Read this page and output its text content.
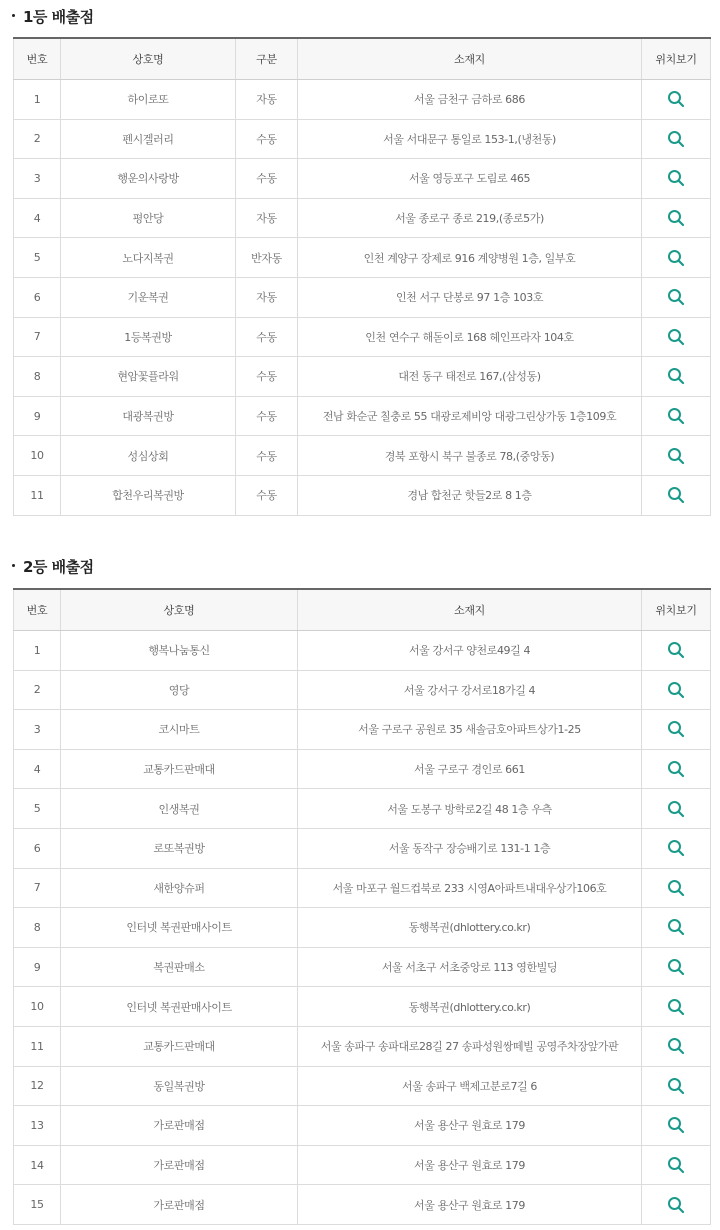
1등 배출점
번호	상호명	구분	소재지	위치보기
1	하이로또	자동	서울 금천구 금하로 686	

2	펜시겔러리	수동	서울 서대문구 통일로 153-1,(냉천동)	

3	행운의사랑방	수동	서울 영등포구 도림로 465	

4	평안당	자동	서울 종로구 종로 219,(종로5가)	

5	노다지복권	반자동	인천 계양구 장제로 916 계양병원 1층, 일부호	

6	기운복권	자동	인천 서구 단봉로 97 1층 103호	

7	1등복권방	수동	인천 연수구 해돋이로 168 헤인프라자 104호	

8	현암꽃플라워	수동	대전 동구 태전로 167,(삼성동)	

9	대광복권방	수동	전남 화순군 칠충로 55 대광로제비앙 대광그린상가동 1층109호	

10	성심상회	수동	경북 포항시 북구 불종로 78,(중앙동)	

11	합천우리복권방	수동	경남 합천군 핫들2로 8 1층	
2등 배출점
번호	상호명	소재지	위치보기
1	행복나눔통신	서울 강서구 양천로49길 4	

2	영당	서울 강서구 강서로18가길 4	

3	코시마트	서울 구로구 공원로 35 새솔금호아파트상가1-25	

4	교통카드판매대	서울 구로구 경인로 661	

5	인생복권	서울 도봉구 방학로2길 48 1층 우측	

6	로또복권방	서울 동작구 장승배기로 131-1 1층	

7	새한양슈퍼	서울 마포구 월드컵북로 233 시영A아파트내대우상가106호	

8	인터넷 복권판매사이트	동행복권(dhlottery.co.kr)	

9	복권판매소	서울 서초구 서초중앙로 113 영한빌딩	

10	인터넷 복권판매사이트	동행복권(dhlottery.co.kr)	

11	교통카드판매대	서울 송파구 송파대로28길 27 송파성원쌍떼빌 공영주차장앞가판	

12	동일복권방	서울 송파구 백제고분로7길 6	

13	가로판매점	서울 용산구 원효로 179	

14	가로판매점	서울 용산구 원효로 179	

15	가로판매점	서울 용산구 원효로 179	
